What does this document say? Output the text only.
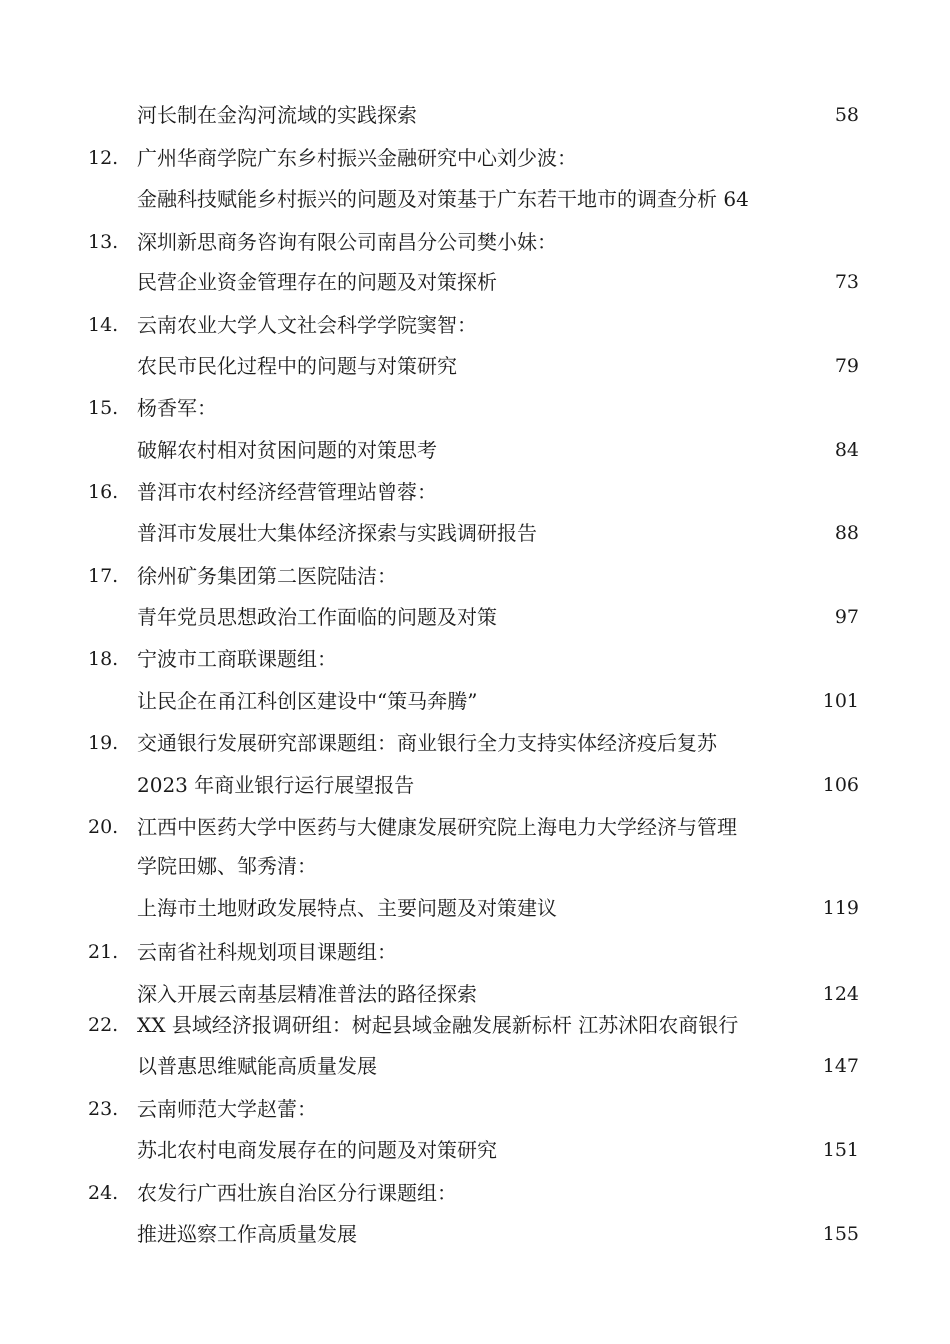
河长制在金沟河流域的实践探索	58
12. 广州华商学院广东乡村振兴金融研究中心刘少波：
金融科技赋能乡村振兴的问题及对策基于广东若干地市的调查分析 64
13. 深圳新思商务咨询有限公司南昌分公司樊小妹：
民营企业资金管理存在的问题及对策探析	73
14. 云南农业大学人文社会科学学院窦智：
农民市民化过程中的问题与对策研究	79
15. 杨香军：
破解农村相对贫困问题的对策思考	84
16. 普洱市农村经济经营管理站曾蓉：
普洱市发展壮大集体经济探索与实践调研报告	88
17. 徐州矿务集团第二医院陆洁：
青年党员思想政治工作面临的问题及对策	97
18. 宁波市工商联课题组：
让民企在甬江科创区建设中“策马奔腾”	101
19. 交通银行发展研究部课题组：商业银行全力支持实体经济疫后复苏
2023 年商业银行运行展望报告	106
20. 江西中医药大学中医药与大健康发展研究院上海电力大学经济与管理
学院田娜、邹秀清：
上海市土地财政发展特点、主要问题及对策建议	119
21. 云南省社科规划项目课题组：
深入开展云南基层精准普法的路径探索	124
22. XX 县域经济报调研组：树起县域金融发展新标杆 江苏沭阳农商银行
以普惠思维赋能高质量发展	147
23. 云南师范大学赵蕾：
苏北农村电商发展存在的问题及对策研究	151
24. 农发行广西壮族自治区分行课题组：
推进巡察工作高质量发展	155
